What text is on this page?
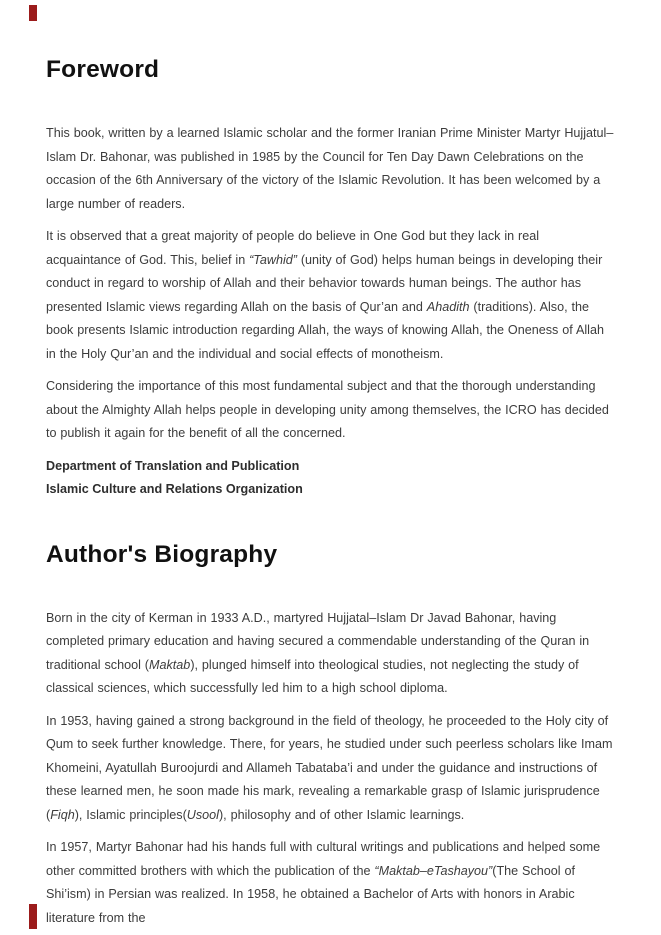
Foreword

This book, written by a learned Islamic scholar and the former Iranian Prime Minister Martyr Hujjatul–Islam Dr. Bahonar, was published in 1985 by the Council for Ten Day Dawn Celebrations on the occasion of the 6th Anniversary of the victory of the Islamic Revolution. It has been welcomed by a large number of readers.

It is observed that a great majority of people do believe in One God but they lack in real acquaintance of God. This, belief in “Tawhid” (unity of God) helps human beings in developing their conduct in regard to worship of Allah and their behavior towards human beings. The author has presented Islamic views regarding Allah on the basis of Qur’an and Ahadith (traditions). Also, the book presents Islamic introduction regarding Allah, the ways of knowing Allah, the Oneness of Allah in the Holy Qur’an and the individual and social effects of monotheism.

Considering the importance of this most fundamental subject and that the thorough understanding about the Almighty Allah helps people in developing unity among themselves, the ICRO has decided to publish it again for the benefit of all the concerned.

Department of Translation and Publication

Islamic Culture and Relations Organization

Author's Biography

Born in the city of Kerman in 1933 A.D., martyred Hujjatal–Islam Dr Javad Bahonar, having completed primary education and having secured a commendable understanding of the Quran in traditional school (Maktab), plunged himself into theological studies, not neglecting the study of classical sciences, which successfully led him to a high school diploma.

In 1953, having gained a strong background in the field of theology, he proceeded to the Holy city of Qum to seek further knowledge. There, for years, he studied under such peerless scholars like Imam Khomeini, Ayatullah Buroojurdi and Allameh Tabataba’i and under the guidance and instructions of these learned men, he soon made his mark, revealing a remarkable grasp of Islamic jurisprudence (Fiqh), Islamic principles(Usool), philosophy and of other Islamic learnings.

In 1957, Martyr Bahonar had his hands full with cultural writings and publications and helped some other committed brothers with which the publication of the “Maktab–eTashayou”(The School of Shi’ism) in Persian was realized. In 1958, he obtained a Bachelor of Arts with honors in Arabic literature from the
